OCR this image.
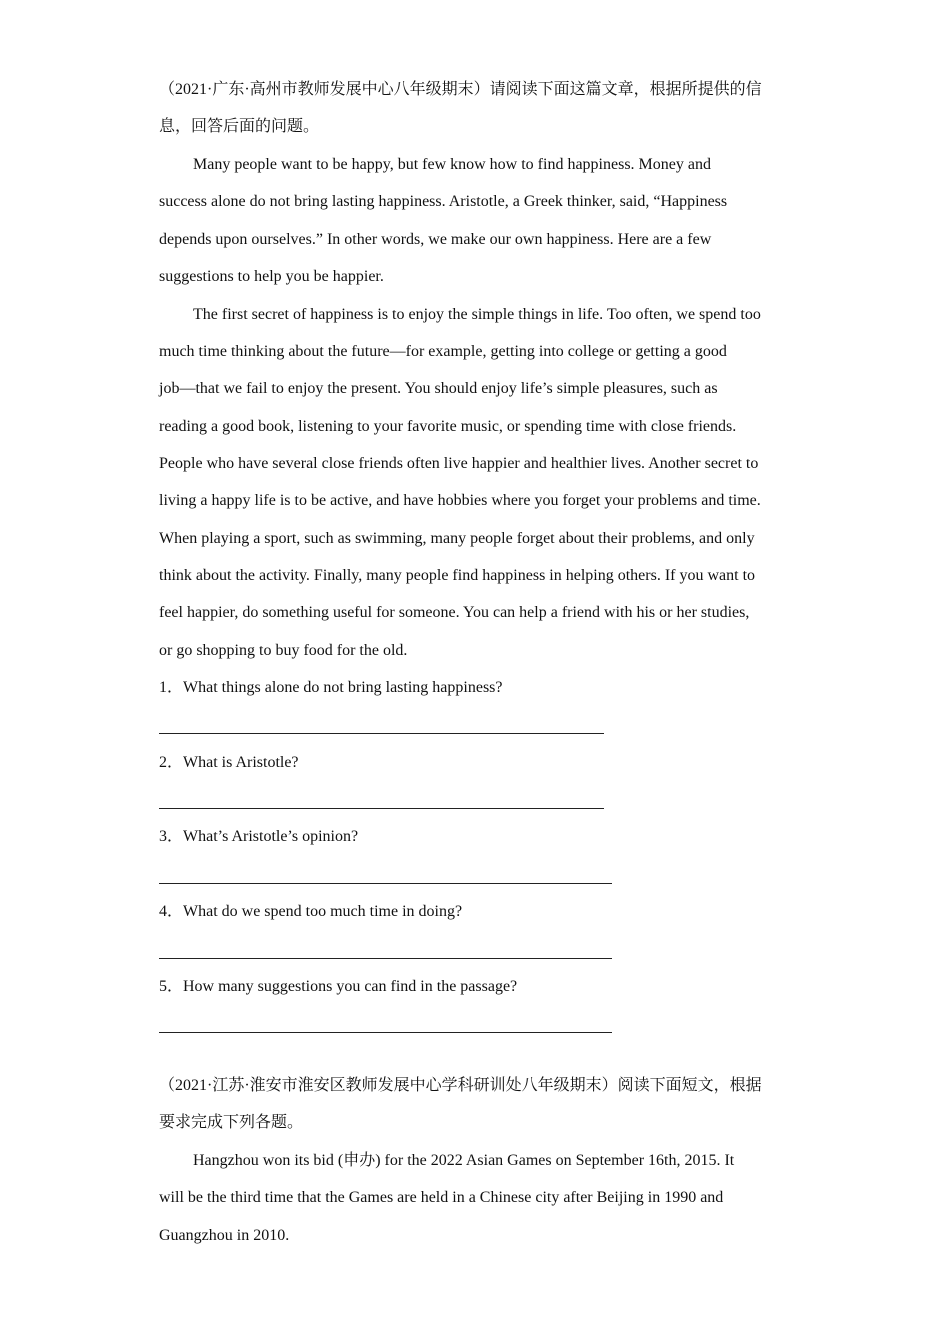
（2021·广东·高州市教师发展中心八年级期末）请阅读下面这篇文章，根据所提供的信
息，回答后面的问题。
Many people want to be happy, but few know how to find happiness. Money and
success alone do not bring lasting happiness. Aristotle, a Greek thinker, said, “Happiness
depends upon ourselves.” In other words, we make our own happiness. Here are a few
suggestions to help you be happier.
The first secret of happiness is to enjoy the simple things in life. Too often, we spend too
much time thinking about the future—for example, getting into college or getting a good
job—that we fail to enjoy the present. You should enjoy life’s simple pleasures, such as
reading a good book, listening to your favorite music, or spending time with close friends.
People who have several close friends often live happier and healthier lives. Another secret to
living a happy life is to be active, and have hobbies where you forget your problems and time.
When playing a sport, such as swimming, many people forget about their problems, and only
think about the activity. Finally, many people find happiness in helping others. If you want to
feel happier, do something useful for someone. You can help a friend with his or her studies,
or go shopping to buy food for the old.
1．What things alone do not bring lasting happiness?
2．What is Aristotle?
3．What’s Aristotle’s opinion?
4．What do we spend too much time in doing?
5．How many suggestions you can find in the passage?
（2021·江苏·淮安市淮安区教师发展中心学科研训处八年级期末）阅读下面短文，根据
要求完成下列各题。
Hangzhou won its bid (申办) for the 2022 Asian Games on September 16th, 2015. It
will be the third time that the Games are held in a Chinese city after Beijing in 1990 and
Guangzhou in 2010.
